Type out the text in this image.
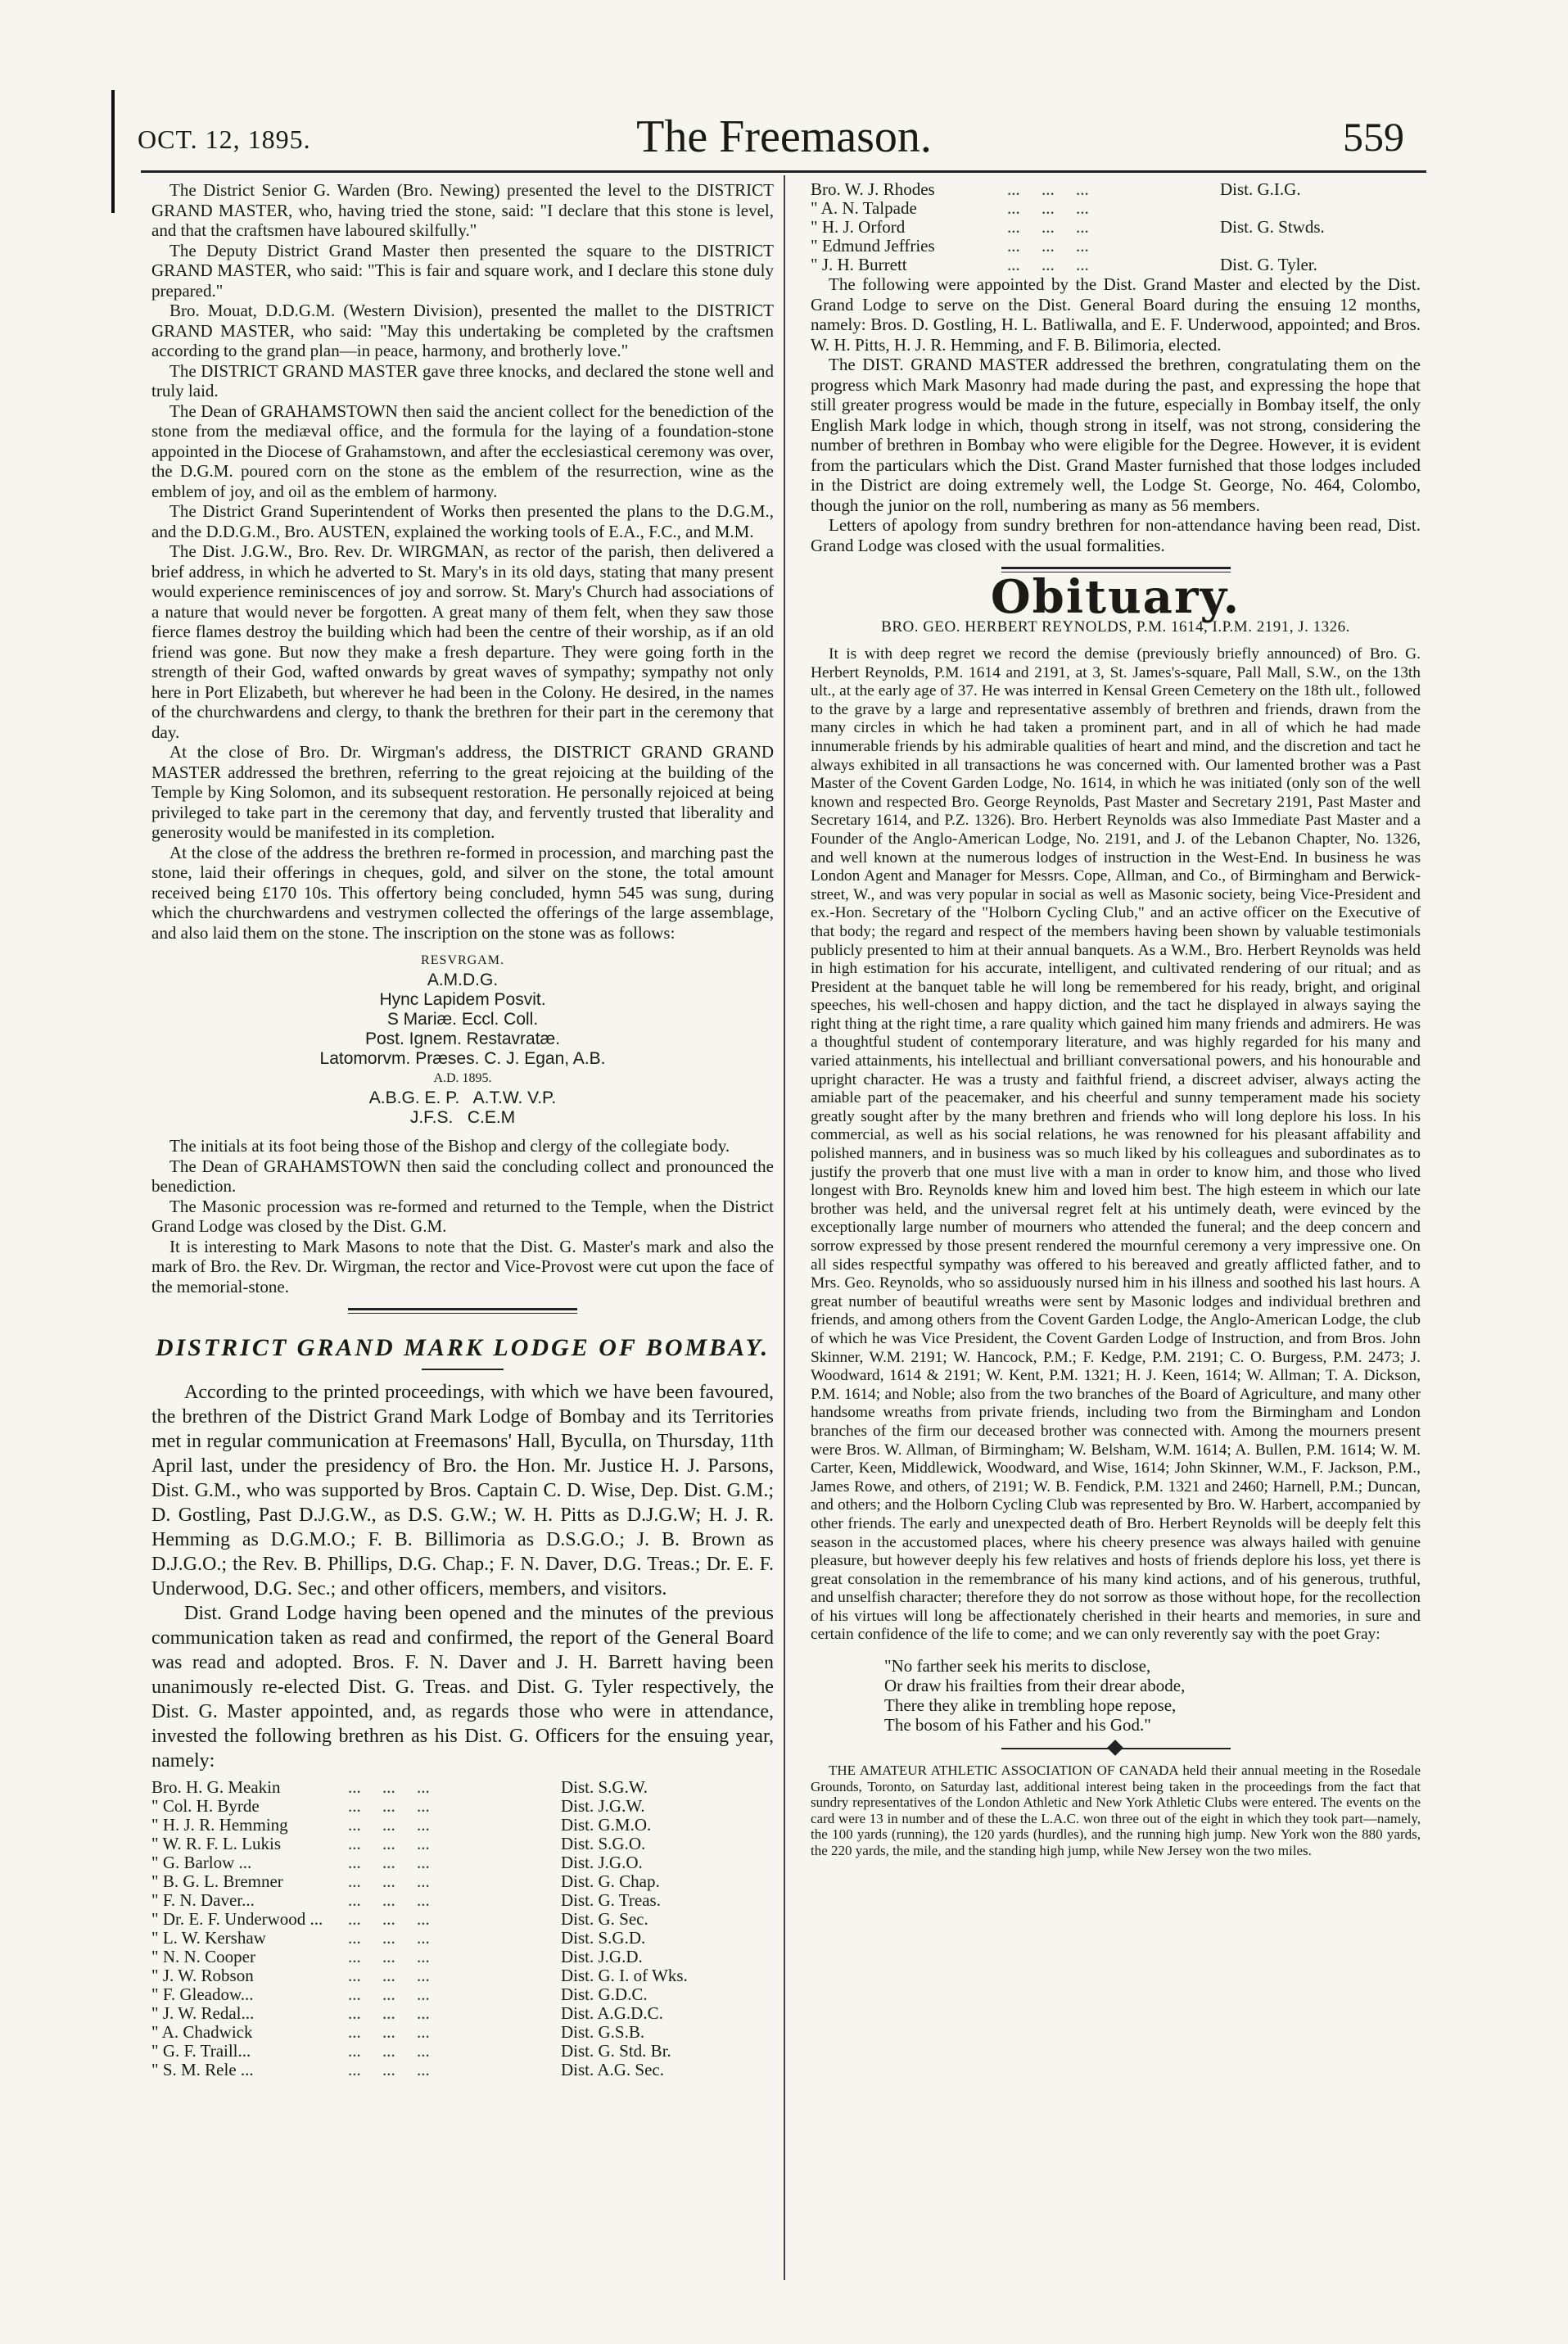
OCT. 12, 1895.	The Freemason.	559

The District Senior G. Warden (Bro. Newing) presented the level to the DISTRICT GRAND MASTER, who, having tried the stone, said: "I declare that this stone is level, and that the craftsmen have laboured skilfully."

The Deputy District Grand Master then presented the square to the DISTRICT GRAND MASTER, who said: "This is fair and square work, and I declare this stone duly prepared."

Bro. Mouat, D.D.G.M. (Western Division), presented the mallet to the DISTRICT GRAND MASTER, who said: "May this undertaking be completed by the craftsmen according to the grand plan—in peace, harmony, and brotherly love."

The DISTRICT GRAND MASTER gave three knocks, and declared the stone well and truly laid.

The Dean of GRAHAMSTOWN then said the ancient collect for the benediction of the stone from the mediæval office, and the formula for the laying of a foundation-stone appointed in the Diocese of Grahamstown, and after the ecclesiastical ceremony was over, the D.G.M. poured corn on the stone as the emblem of the resurrection, wine as the emblem of joy, and oil as the emblem of harmony.

The District Grand Superintendent of Works then presented the plans to the D.G.M., and the D.D.G.M., Bro. AUSTEN, explained the working tools of E.A., F.C., and M.M.

The Dist. J.G.W., Bro. Rev. Dr. WIRGMAN, as rector of the parish, then delivered a brief address, in which he adverted to St. Mary's in its old days, stating that many present would experience reminiscences of joy and sorrow. St. Mary's Church had associations of a nature that would never be forgotten. A great many of them felt, when they saw those fierce flames destroy the building which had been the centre of their worship, as if an old friend was gone. But now they make a fresh departure. They were going forth in the strength of their God, wafted onwards by great waves of sympathy; sympathy not only here in Port Elizabeth, but wherever he had been in the Colony. He desired, in the names of the churchwardens and clergy, to thank the brethren for their part in the ceremony that day.

At the close of Bro. Dr. Wirgman's address, the DISTRICT GRAND GRAND MASTER addressed the brethren, referring to the great rejoicing at the building of the Temple by King Solomon, and its subsequent restoration. He personally rejoiced at being privileged to take part in the ceremony that day, and fervently trusted that liberality and generosity would be manifested in its completion.

At the close of the address the brethren re-formed in procession, and marching past the stone, laid their offerings in cheques, gold, and silver on the stone, the total amount received being £170 10s. This offertory being concluded, hymn 545 was sung, during which the churchwardens and vestrymen collected the offerings of the large assemblage, and also laid them on the stone. The inscription on the stone was as follows:

RESVRGAM.
A.M.D.G.
Hync Lapidem Posvit.
S Mariæ. Eccl. Coll.
Post. Ignem. Restavratæ.
Latomorvm. Præses. C. J. Egan, A.B.
A.D. 1895.
A.B.G. E. P.   A.T.W. V.P.
J.F.S.   C.E.M

The initials at its foot being those of the Bishop and clergy of the collegiate body.

The Dean of GRAHAMSTOWN then said the concluding collect and pronounced the benediction.

The Masonic procession was re-formed and returned to the Temple, when the District Grand Lodge was closed by the Dist. G.M.

It is interesting to Mark Masons to note that the Dist. G. Master's mark and also the mark of Bro. the Rev. Dr. Wirgman, the rector and Vice-Provost were cut upon the face of the memorial-stone.

DISTRICT GRAND MARK LODGE OF BOMBAY.

According to the printed proceedings, with which we have been favoured, the brethren of the District Grand Mark Lodge of Bombay and its Territories met in regular communication at Freemasons' Hall, Byculla, on Thursday, 11th April last, under the presidency of Bro. the Hon. Mr. Justice H. J. Parsons, Dist. G.M., who was supported by Bros. Captain C. D. Wise, Dep. Dist. G.M.; D. Gostling, Past D.J.G.W., as D.S. G.W.; W. H. Pitts as D.J.G.W; H. J. R. Hemming as D.G.M.O.; F. B. Billimoria as D.S.G.O.; J. B. Brown as D.J.G.O.; the Rev. B. Phillips, D.G. Chap.; F. N. Daver, D.G. Treas.; Dr. E. F. Underwood, D.G. Sec.; and other officers, members, and visitors.

Dist. Grand Lodge having been opened and the minutes of the previous communication taken as read and confirmed, the report of the General Board was read and adopted. Bros. F. N. Daver and J. H. Barrett having been unanimously re-elected Dist. G. Treas. and Dist. G. Tyler respectively, the Dist. G. Master appointed, and, as regards those who were in attendance, invested the following brethren as his Dist. G. Officers for the ensuing year, namely:

Bro. H. G. Meakin	...     ...     ...	Dist. S.G.W.
" Col. H. Byrde	...     ...     ...	Dist. J.G.W.
" H. J. R. Hemming	...     ...     ...	Dist. G.M.O.
" W. R. F. L. Lukis	...     ...     ...	Dist. S.G.O.
" G. Barlow ...	...     ...     ...	Dist. J.G.O.
" B. G. L. Bremner	...     ...     ...	Dist. G. Chap.
" F. N. Daver...	...     ...     ...	Dist. G. Treas.
" Dr. E. F. Underwood ...	...     ...     ...	Dist. G. Sec.
" L. W. Kershaw	...     ...     ...	Dist. S.G.D.
" N. N. Cooper	...     ...     ...	Dist. J.G.D.
" J. W. Robson	...     ...     ...	Dist. G. I. of Wks.
" F. Gleadow...	...     ...     ...	Dist. G.D.C.
" J. W. Redal...	...     ...     ...	Dist. A.G.D.C.
" A. Chadwick	...     ...     ...	Dist. G.S.B.
" G. F. Traill...	...     ...     ...	Dist. G. Std. Br.
" S. M. Rele ...	...     ...     ...	Dist. A.G. Sec.
Bro. W. J. Rhodes	...     ...     ...	Dist. G.I.G.
" A. N. Talpade	...     ...     ...	
" H. J. Orford	...     ...     ...	Dist. G. Stwds.
" Edmund Jeffries	...     ...     ...	
" J. H. Burrett	...     ...     ...	Dist. G. Tyler.

The following were appointed by the Dist. Grand Master and elected by the Dist. Grand Lodge to serve on the Dist. General Board during the ensuing 12 months, namely: Bros. D. Gostling, H. L. Batliwalla, and E. F. Underwood, appointed; and Bros. W. H. Pitts, H. J. R. Hemming, and F. B. Bilimoria, elected.

The DIST. GRAND MASTER addressed the brethren, congratulating them on the progress which Mark Masonry had made during the past, and expressing the hope that still greater progress would be made in the future, especially in Bombay itself, the only English Mark lodge in which, though strong in itself, was not strong, considering the number of brethren in Bombay who were eligible for the Degree. However, it is evident from the particulars which the Dist. Grand Master furnished that those lodges included in the District are doing extremely well, the Lodge St. George, No. 464, Colombo, though the junior on the roll, numbering as many as 56 members.

Letters of apology from sundry brethren for non-attendance having been read, Dist. Grand Lodge was closed with the usual formalities.

Obituary.
BRO. GEO. HERBERT REYNOLDS, P.M. 1614, I.P.M. 2191, J. 1326.

It is with deep regret we record the demise (previously briefly announced) of Bro. G. Herbert Reynolds, P.M. 1614 and 2191, at 3, St. James's-square, Pall Mall, S.W., on the 13th ult., at the early age of 37. He was interred in Kensal Green Cemetery on the 18th ult., followed to the grave by a large and representative assembly of brethren and friends, drawn from the many circles in which he had taken a prominent part, and in all of which he had made innumerable friends by his admirable qualities of heart and mind, and the discretion and tact he always exhibited in all transactions he was concerned with. Our lamented brother was a Past Master of the Covent Garden Lodge, No. 1614, in which he was initiated (only son of the well known and respected Bro. George Reynolds, Past Master and Secretary 2191, Past Master and Secretary 1614, and P.Z. 1326). Bro. Herbert Reynolds was also Immediate Past Master and a Founder of the Anglo-American Lodge, No. 2191, and J. of the Lebanon Chapter, No. 1326, and well known at the numerous lodges of instruction in the West-End. In business he was London Agent and Manager for Messrs. Cope, Allman, and Co., of Birmingham and Berwick-street, W., and was very popular in social as well as Masonic society, being Vice-President and ex.-Hon. Secretary of the "Holborn Cycling Club," and an active officer on the Executive of that body; the regard and respect of the members having been shown by valuable testimonials publicly presented to him at their annual banquets. As a W.M., Bro. Herbert Reynolds was held in high estimation for his accurate, intelligent, and cultivated rendering of our ritual; and as President at the banquet table he will long be remembered for his ready, bright, and original speeches, his well-chosen and happy diction, and the tact he displayed in always saying the right thing at the right time, a rare quality which gained him many friends and admirers. He was a thoughtful student of contemporary literature, and was highly regarded for his many and varied attainments, his intellectual and brilliant conversational powers, and his honourable and upright character. He was a trusty and faithful friend, a discreet adviser, always acting the amiable part of the peacemaker, and his cheerful and sunny temperament made his society greatly sought after by the many brethren and friends who will long deplore his loss. In his commercial, as well as his social relations, he was renowned for his pleasant affability and polished manners, and in business was so much liked by his colleagues and subordinates as to justify the proverb that one must live with a man in order to know him, and those who lived longest with Bro. Reynolds knew him and loved him best. The high esteem in which our late brother was held, and the universal regret felt at his untimely death, were evinced by the exceptionally large number of mourners who attended the funeral; and the deep concern and sorrow expressed by those present rendered the mournful ceremony a very impressive one. On all sides respectful sympathy was offered to his bereaved and greatly afflicted father, and to Mrs. Geo. Reynolds, who so assiduously nursed him in his illness and soothed his last hours. A great number of beautiful wreaths were sent by Masonic lodges and individual brethren and friends, and among others from the Covent Garden Lodge, the Anglo-American Lodge, the club of which he was Vice President, the Covent Garden Lodge of Instruction, and from Bros. John Skinner, W.M. 2191; W. Hancock, P.M.; F. Kedge, P.M. 2191; C. O. Burgess, P.M. 2473; J. Woodward, 1614 & 2191; W. Kent, P.M. 1321; H. J. Keen, 1614; W. Allman; T. A. Dickson, P.M. 1614; and Noble; also from the two branches of the Board of Agriculture, and many other handsome wreaths from private friends, including two from the Birmingham and London branches of the firm our deceased brother was connected with. Among the mourners present were Bros. W. Allman, of Birmingham; W. Belsham, W.M. 1614; A. Bullen, P.M. 1614; W. M. Carter, Keen, Middlewick, Woodward, and Wise, 1614; John Skinner, W.M., F. Jackson, P.M., James Rowe, and others, of 2191; W. B. Fendick, P.M. 1321 and 2460; Harnell, P.M.; Duncan, and others; and the Holborn Cycling Club was represented by Bro. W. Harbert, accompanied by other friends. The early and unexpected death of Bro. Herbert Reynolds will be deeply felt this season in the accustomed places, where his cheery presence was always hailed with genuine pleasure, but however deeply his few relatives and hosts of friends deplore his loss, yet there is great consolation in the remembrance of his many kind actions, and of his generous, truthful, and unselfish character; therefore they do not sorrow as those without hope, for the recollection of his virtues will long be affectionately cherished in their hearts and memories, in sure and certain confidence of the life to come; and we can only reverently say with the poet Gray:

"No farther seek his merits to disclose,
Or draw his frailties from their drear abode,
There they alike in trembling hope repose,
The bosom of his Father and his God."

THE AMATEUR ATHLETIC ASSOCIATION OF CANADA held their annual meeting in the Rosedale Grounds, Toronto, on Saturday last, additional interest being taken in the proceedings from the fact that sundry representatives of the London Athletic and New York Athletic Clubs were entered. The events on the card were 13 in number and of these the L.A.C. won three out of the eight in which they took part—namely, the 100 yards (running), the 120 yards (hurdles), and the running high jump. New York won the 880 yards, the 220 yards, the mile, and the standing high jump, while New Jersey won the two miles.
